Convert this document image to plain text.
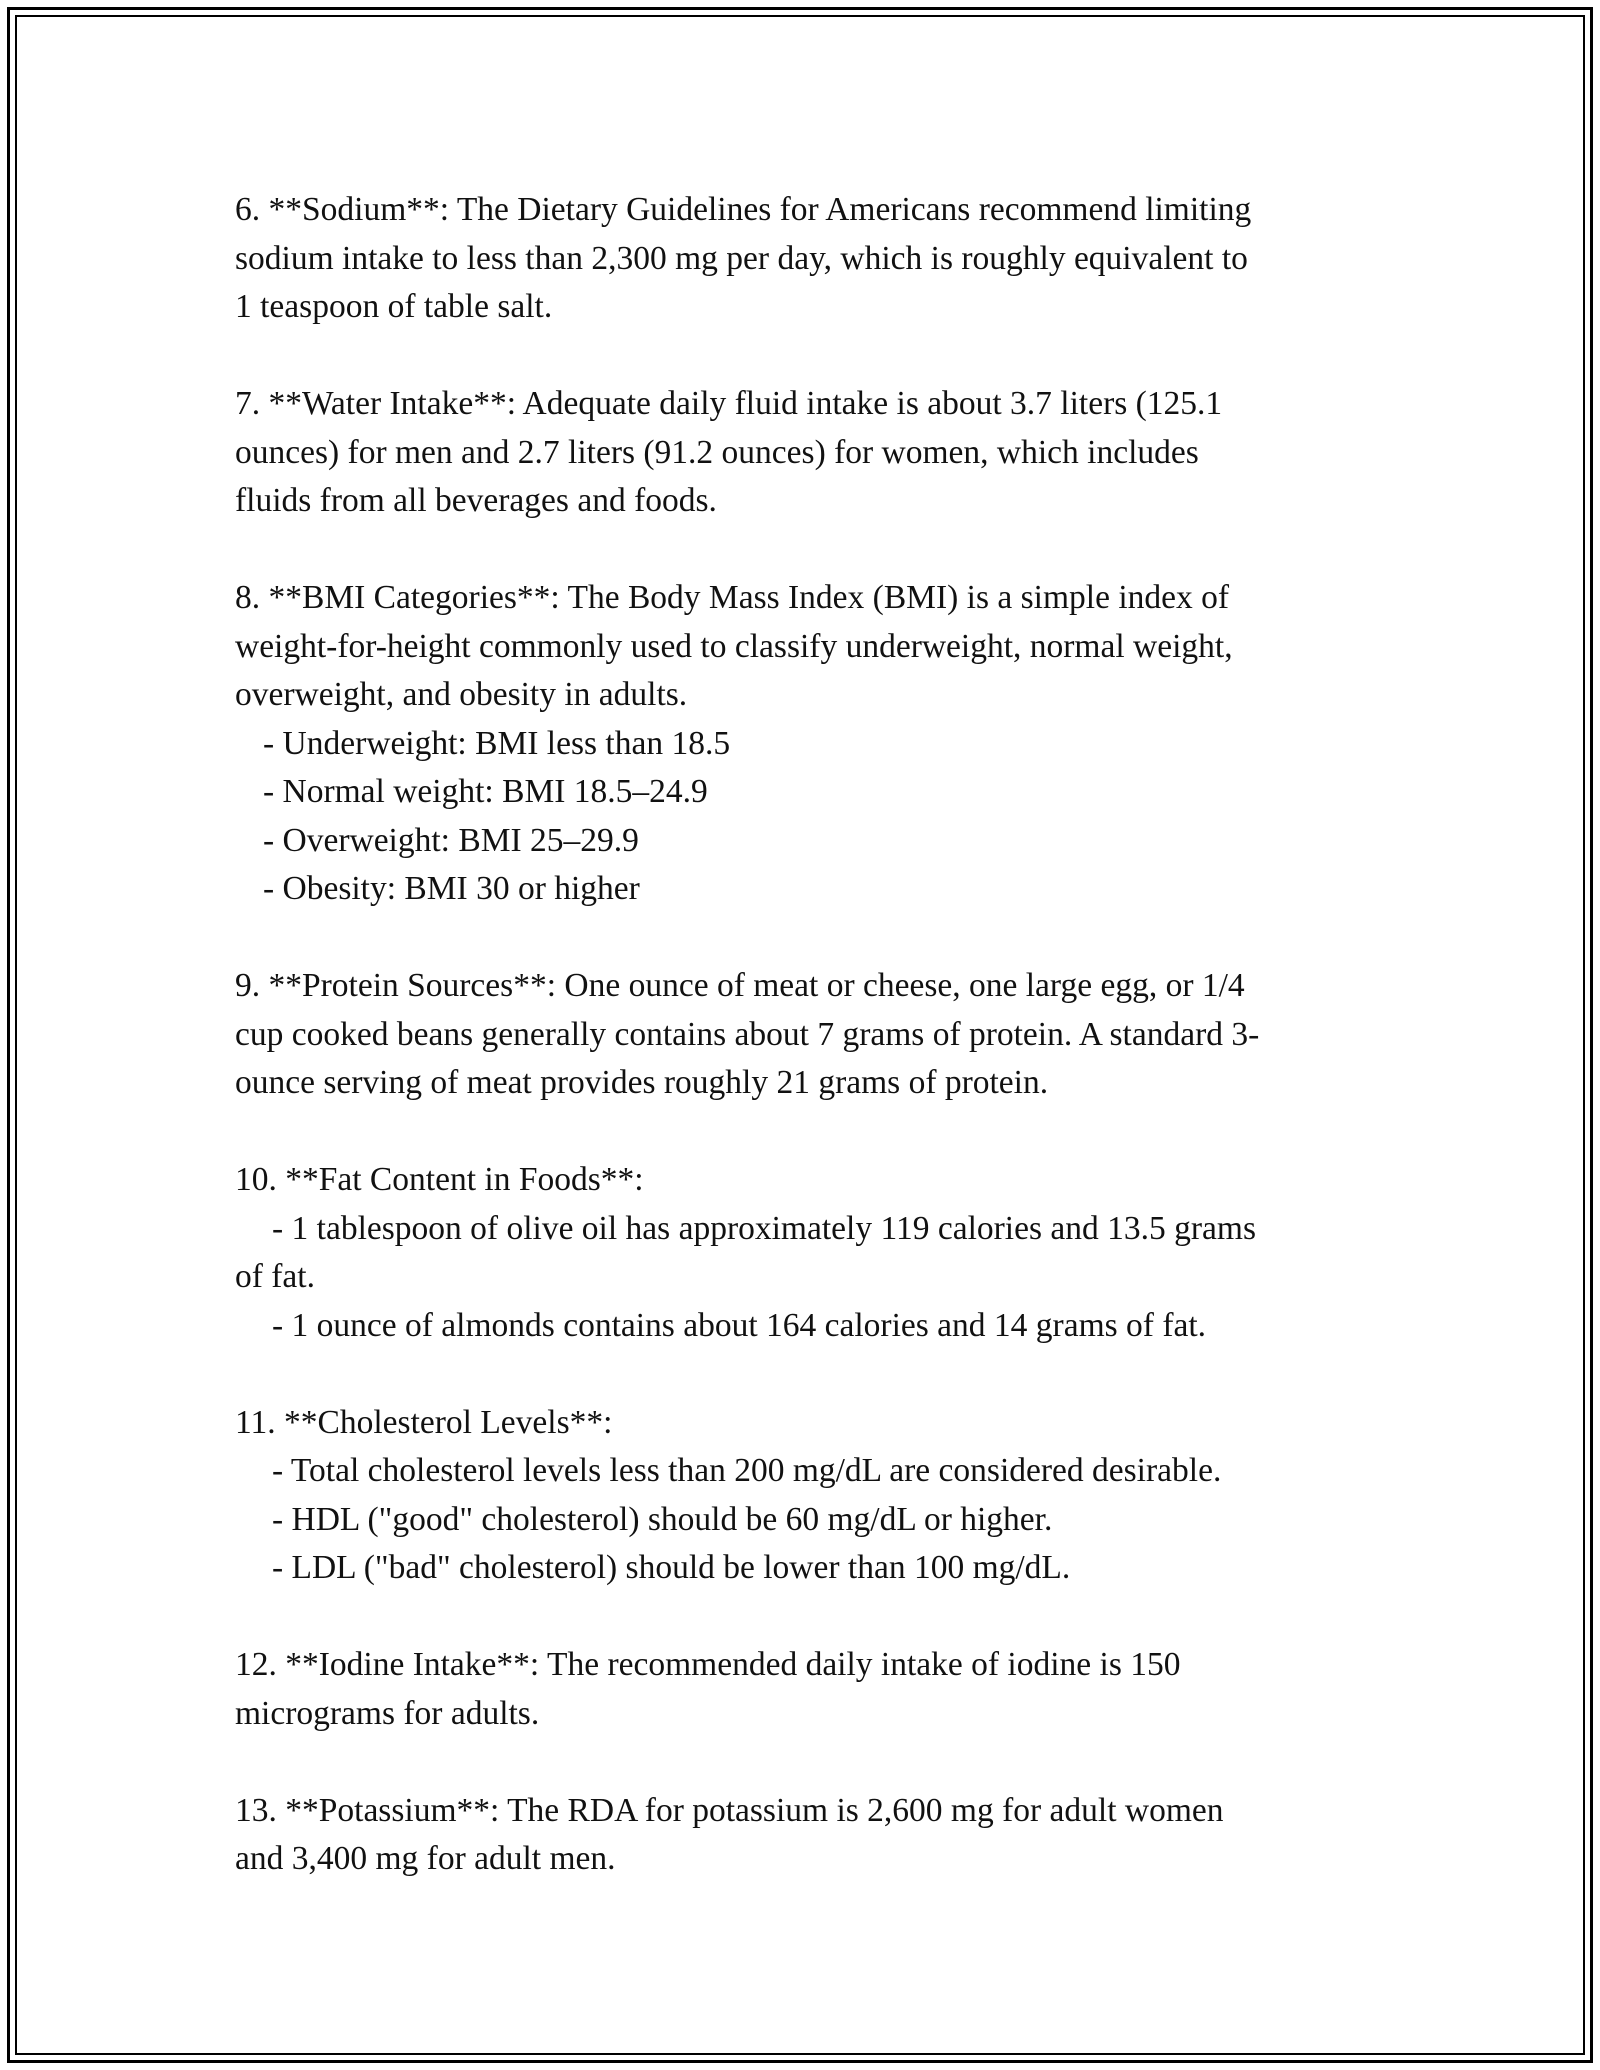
6. **Sodium**: The Dietary Guidelines for Americans recommend limiting
sodium intake to less than 2,300 mg per day, which is roughly equivalent to
1 teaspoon of table salt.

7. **Water Intake**: Adequate daily fluid intake is about 3.7 liters (125.1
ounces) for men and 2.7 liters (91.2 ounces) for women, which includes
fluids from all beverages and foods.

8. **BMI Categories**: The Body Mass Index (BMI) is a simple index of
weight-for-height commonly used to classify underweight, normal weight,
overweight, and obesity in adults.
- Underweight: BMI less than 18.5
- Normal weight: BMI 18.5–24.9
- Overweight: BMI 25–29.9
- Obesity: BMI 30 or higher

9. **Protein Sources**: One ounce of meat or cheese, one large egg, or 1/4
cup cooked beans generally contains about 7 grams of protein. A standard 3-
ounce serving of meat provides roughly 21 grams of protein.

10. **Fat Content in Foods**:
- 1 tablespoon of olive oil has approximately 119 calories and 13.5 grams
of fat.
- 1 ounce of almonds contains about 164 calories and 14 grams of fat.

11. **Cholesterol Levels**:
- Total cholesterol levels less than 200 mg/dL are considered desirable.
- HDL ("good" cholesterol) should be 60 mg/dL or higher.
- LDL ("bad" cholesterol) should be lower than 100 mg/dL.

12. **Iodine Intake**: The recommended daily intake of iodine is 150
micrograms for adults.

13. **Potassium**: The RDA for potassium is 2,600 mg for adult women
and 3,400 mg for adult men.
